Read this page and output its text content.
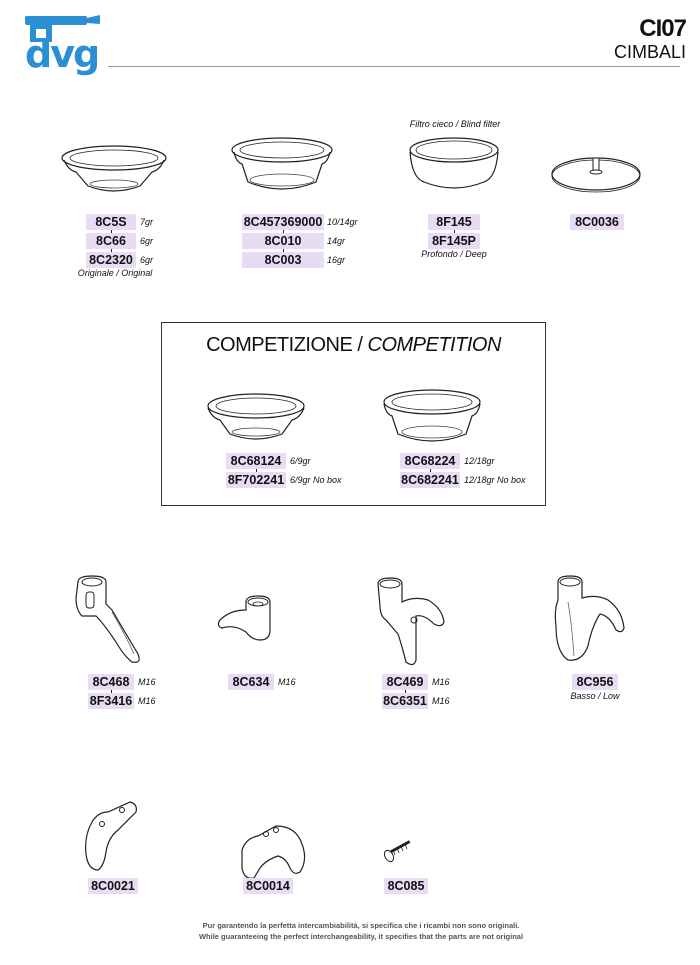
dvg
CI07
CIMBALI
8C5S	7gr
8C66	6gr
8C2320 6gr
Originale / Original
8C457369000 10/14gr
8C010	14gr
8C003	16gr
Filtro cieco / Blind filter
8F145
8F145P
Profondo / Deep
8C0036
COMPETIZIONE / COMPETITION
8C68124 6/9gr
8F702241 6/9gr No box
8C68224 12/18gr
8C682241 12/18gr No box
8C468 M16
8F3416 M16
8C634 M16	8C469 M16
8C6351 M16
8C956
Basso / Low
8C0021	8C0014	8C085
Pur garantendo la perfetta intercambiabilità, si specifica che i ricambi non sono originali.
While guaranteeing the perfect interchangeability, it specifies that the parts are not original
